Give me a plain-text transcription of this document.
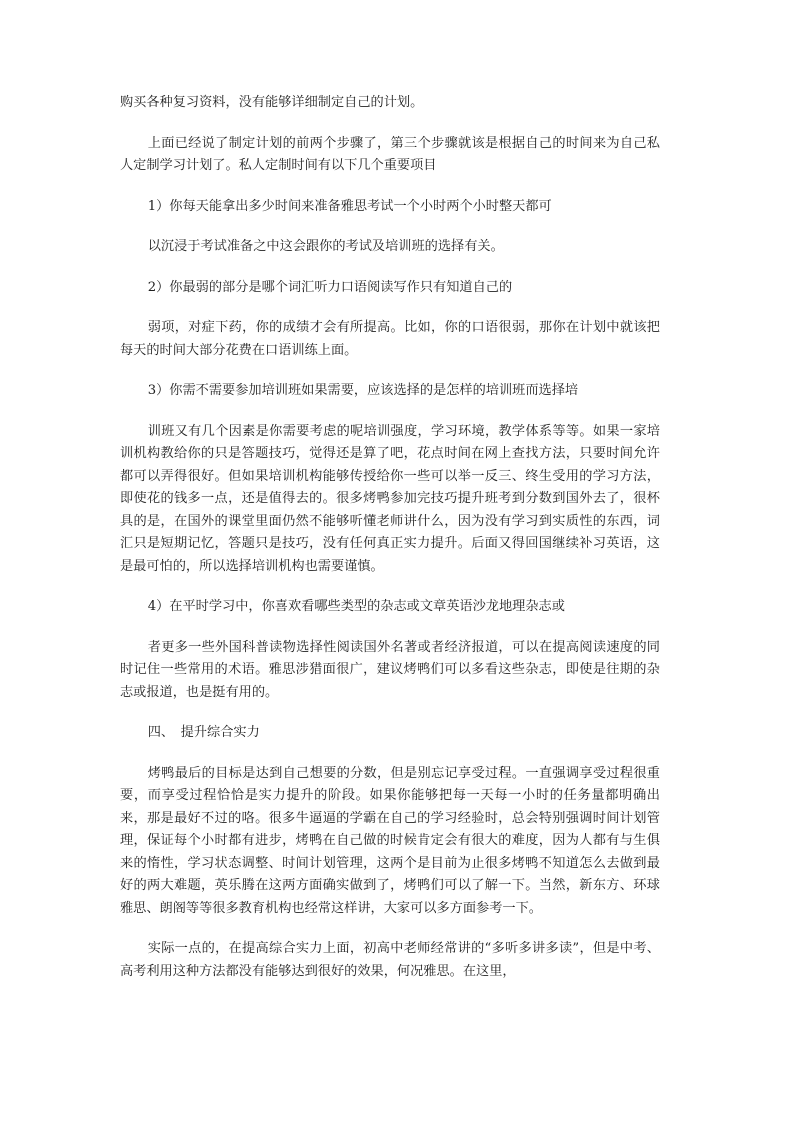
购买各种复习资料，没有能够详细制定自己的计划。

上面已经说了制定计划的前两个步骤了，第三个步骤就该是根据自己的时间来为自己私人定制学习计划了。私人定制时间有以下几个重要项目

1）你每天能拿出多少时间来准备雅思考试一个小时两个小时整天都可

以沉浸于考试准备之中这会跟你的考试及培训班的选择有关。

2）你最弱的部分是哪个词汇听力口语阅读写作只有知道自己的

弱项，对症下药，你的成绩才会有所提高。比如，你的口语很弱，那你在计划中就该把每天的时间大部分花费在口语训练上面。

3）你需不需要参加培训班如果需要，应该选择的是怎样的培训班而选择培

训班又有几个因素是你需要考虑的呢培训强度，学习环境，教学体系等等。如果一家培训机构教给你的只是答题技巧，觉得还是算了吧，花点时间在网上查找方法，只要时间允许都可以弄得很好。但如果培训机构能够传授给你一些可以举一反三、终生受用的学习方法，即使花的钱多一点，还是值得去的。很多烤鸭参加完技巧提升班考到分数到国外去了，很杯具的是，在国外的课堂里面仍然不能够听懂老师讲什么，因为没有学习到实质性的东西，词汇只是短期记忆，答题只是技巧，没有任何真正实力提升。后面又得回国继续补习英语，这是最可怕的，所以选择培训机构也需要谨慎。

4）在平时学习中，你喜欢看哪些类型的杂志或文章英语沙龙地理杂志或

者更多一些外国科普读物选择性阅读国外名著或者经济报道，可以在提高阅读速度的同时记住一些常用的术语。雅思涉猎面很广，建议烤鸭们可以多看这些杂志，即使是往期的杂志或报道，也是挺有用的。

四、　提升综合实力

烤鸭最后的目标是达到自己想要的分数，但是别忘记享受过程。一直强调享受过程很重要，而享受过程恰恰是实力提升的阶段。如果你能够把每一天每一小时的任务量都明确出来，那是最好不过的咯。很多牛逼逼的学霸在自己的学习经验时，总会特别强调时间计划管理，保证每个小时都有进步，烤鸭在自己做的时候肯定会有很大的难度，因为人都有与生俱来的惰性，学习状态调整、时间计划管理，这两个是目前为止很多烤鸭不知道怎么去做到最好的两大难题，英乐腾在这两方面确实做到了，烤鸭们可以了解一下。当然，新东方、环球雅思、朗阁等等很多教育机构也经常这样讲，大家可以多方面参考一下。

实际一点的，在提高综合实力上面，初高中老师经常讲的“多听多讲多读”，但是中考、高考利用这种方法都没有能够达到很好的效果，何况雅思。在这里，
